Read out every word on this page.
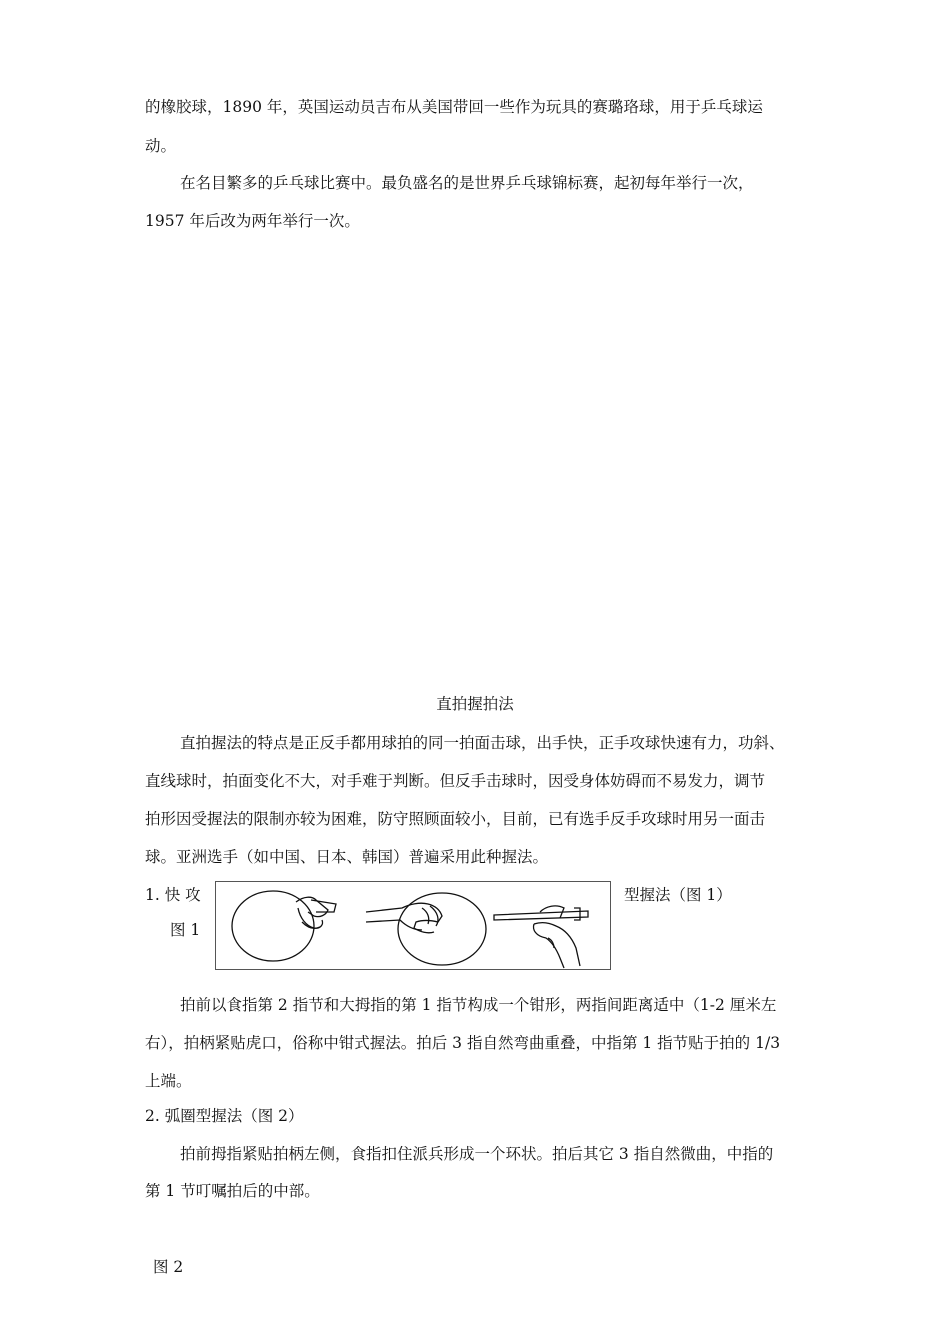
的橡胶球，1890 年，英国运动员吉布从美国带回一些作为玩具的赛璐珞球，用于乒乓球运
动。
在名目繁多的乒乓球比赛中。最负盛名的是世界乒乓球锦标赛，起初每年举行一次，
1957 年后改为两年举行一次。
直拍握拍法
直拍握法的特点是正反手都用球拍的同一拍面击球，出手快，正手攻球快速有力，功斜、
直线球时，拍面变化不大，对手难于判断。但反手击球时，因受身体妨碍而不易发力，调节
拍形因受握法的限制亦较为困难，防守照顾面较小，目前，已有选手反手攻球时用另一面击
球。亚洲选手（如中国、日本、韩国）普遍采用此种握法。
1. 快 攻	型握法（图 1）
图 1
拍前以食指第 2 指节和大拇指的第 1 指节构成一个钳形，两指间距离适中（1-2 厘米左
右），拍柄紧贴虎口，俗称中钳式握法。拍后 3 指自然弯曲重叠，中指第 1 指节贴于拍的 1/3
上端。
2. 弧圈型握法（图 2）
拍前拇指紧贴拍柄左侧，食指扣住派兵形成一个环状。拍后其它 3 指自然微曲，中指的
第 1 节叮嘱拍后的中部。
图 2
